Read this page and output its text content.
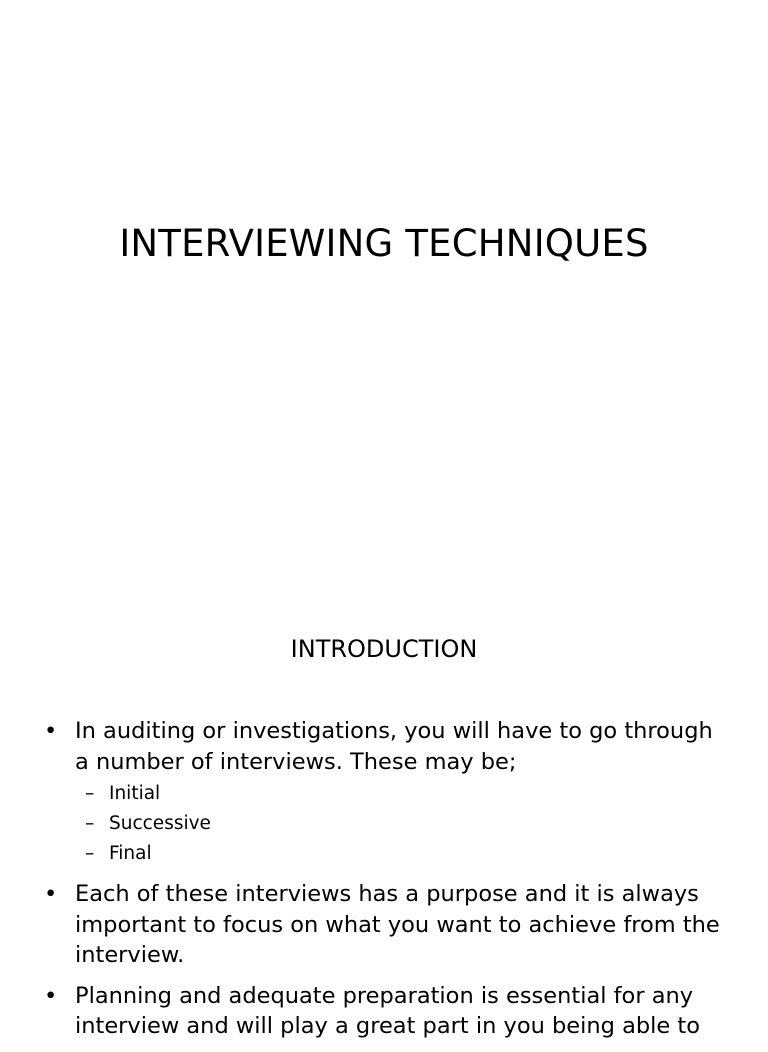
INTERVIEWING TECHNIQUES
INTRODUCTION
• In auditing or investigations, you will have to go through a number of interviews. These may be;
– Initial
– Successive
– Final
• Each of these interviews has a purpose and it is always important to focus on what you want to achieve from the interview.
• Planning and adequate preparation is essential for any interview and will play a great part in you being able to
